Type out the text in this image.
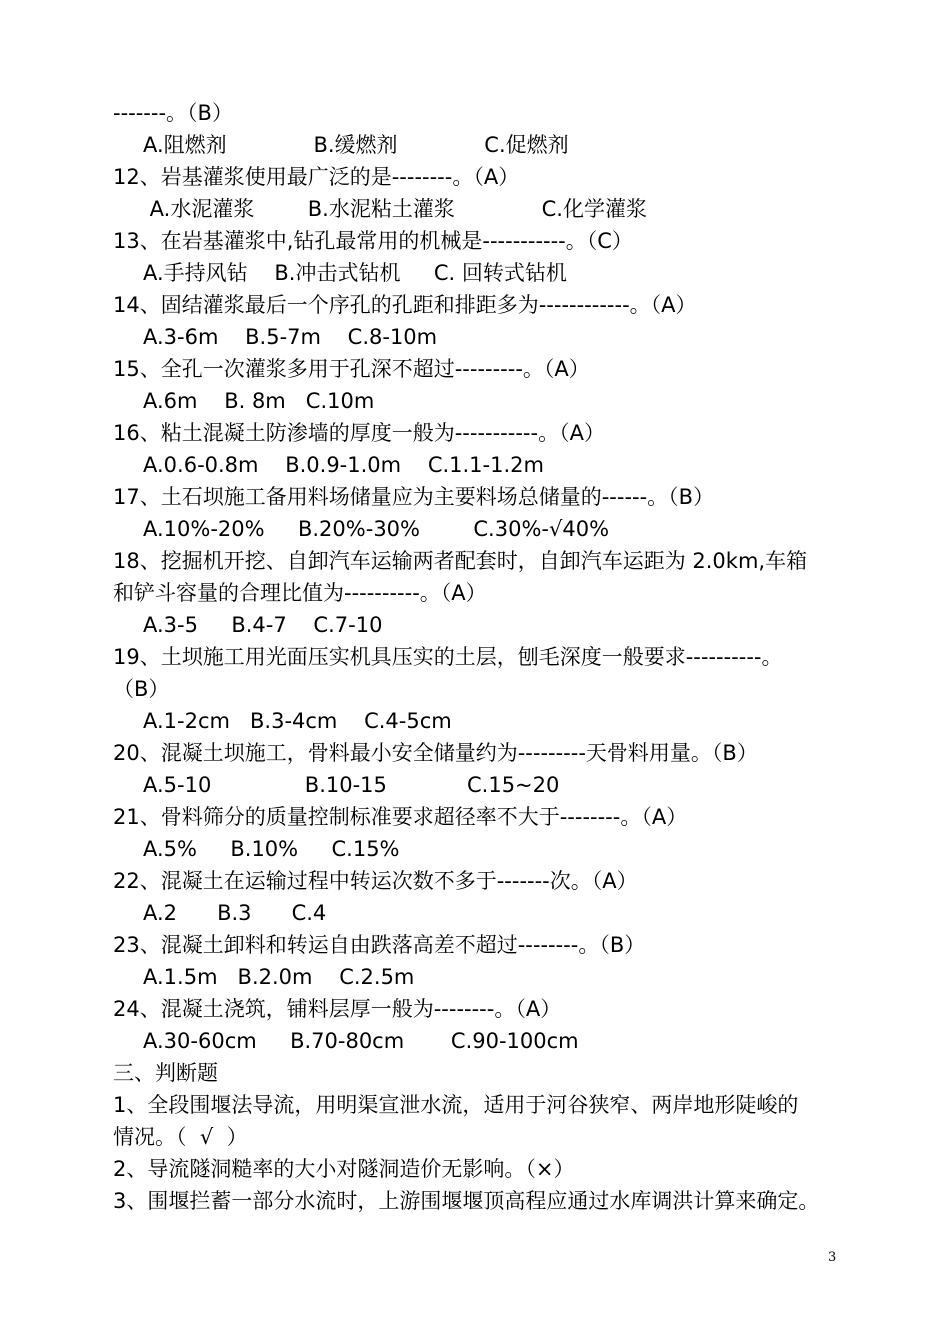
-------。（B）
A.阻燃剂             B.缓燃剂             C.促燃剂
12、岩基灌浆使用最广泛的是--------。（A）
A.水泥灌浆        B.水泥粘土灌浆             C.化学灌浆
13、在岩基灌浆中,钻孔最常用的机械是-----------。（C）
A.手持风钻    B.冲击式钻机     C. 回转式钻机
14、固结灌浆最后一个序孔的孔距和排距多为------------。（A）
A.3-6m    B.5-7m    C.8-10m
15、全孔一次灌浆多用于孔深不超过---------。（A）
A.6m    B. 8m   C.10m
16、粘土混凝土防渗墙的厚度一般为-----------。（A）
A.0.6-0.8m    B.0.9-1.0m    C.1.1-1.2m
17、土石坝施工备用料场储量应为主要料场总储量的------。（B）
A.10%-20%     B.20%-30%        C.30%-√40%
18、挖掘机开挖、自卸汽车运输两者配套时，自卸汽车运距为 2.0km,车箱
和铲斗容量的合理比值为----------。（A）
A.3-5     B.4-7    C.7-10
19、土坝施工用光面压实机具压实的土层，刨毛深度一般要求----------。
（B）
A.1-2cm   B.3-4cm    C.4-5cm
20、混凝土坝施工，骨料最小安全储量约为---------天骨料用量。（B）
A.5-10              B.10-15            C.15~20
21、骨料筛分的质量控制标准要求超径率不大于--------。（A）
A.5%     B.10%     C.15%
22、混凝土在运输过程中转运次数不多于-------次。（A）
A.2      B.3      C.4
23、混凝土卸料和转运自由跌落高差不超过--------。（B）
A.1.5m   B.2.0m    C.2.5m
24、混凝土浇筑，铺料层厚一般为--------。（A）
A.30-60cm     B.70-80cm       C.90-100cm
三、判断题
1、全段围堰法导流，用明渠宣泄水流，适用于河谷狭窄、两岸地形陡峻的
情况。（  √  ）
2、导流隧洞糙率的大小对隧洞造价无影响。（×）
3、围堰拦蓄一部分水流时，上游围堰堰顶高程应通过水库调洪计算来确定。
3
